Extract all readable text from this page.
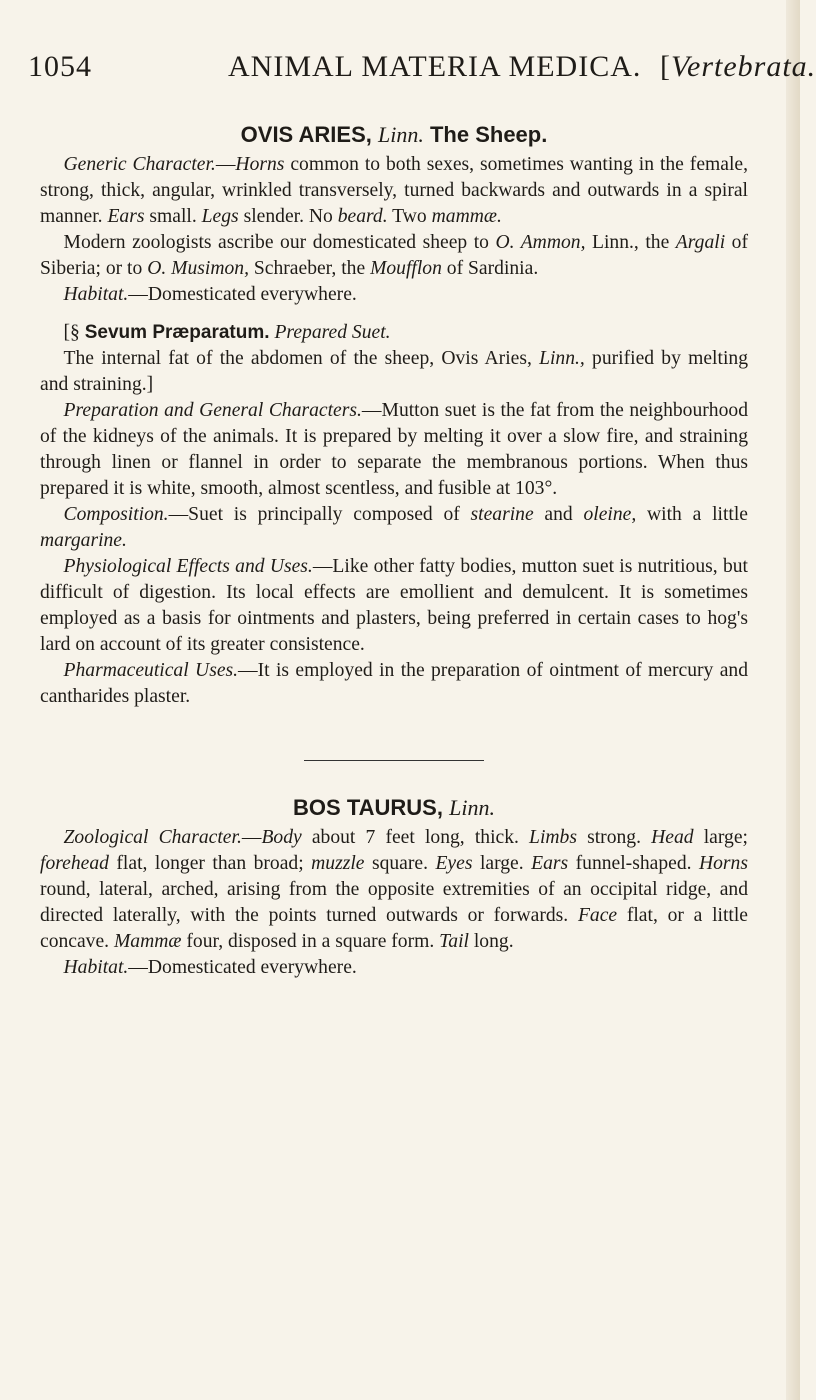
1054	ANIMAL MATERIA MEDICA. [Vertebrata.

OVIS ARIES, Linn. The Sheep.

Generic Character.—Horns common to both sexes, sometimes wanting in the female, strong, thick, angular, wrinkled transversely, turned backwards and outwards in a spiral manner. Ears small. Legs slender. No beard. Two mammæ.

Modern zoologists ascribe our domesticated sheep to O. Ammon, Linn., the Argali of Siberia; or to O. Musimon, Schraeber, the Moufflon of Sardinia.

Habitat.—Domesticated everywhere.

[§ Sevum Præparatum. Prepared Suet.

The internal fat of the abdomen of the sheep, Ovis Aries, Linn., purified by melting and straining.]

Preparation and General Characters.—Mutton suet is the fat from the neighbourhood of the kidneys of the animals. It is prepared by melting it over a slow fire, and straining through linen or flannel in order to separate the membranous portions. When thus prepared it is white, smooth, almost scentless, and fusible at 103°.

Composition.—Suet is principally composed of stearine and oleine, with a little margarine.

Physiological Effects and Uses.—Like other fatty bodies, mutton suet is nutritious, but difficult of digestion. Its local effects are emollient and demulcent. It is sometimes employed as a basis for ointments and plasters, being preferred in certain cases to hog's lard on account of its greater consistence.

Pharmaceutical Uses.—It is employed in the preparation of ointment of mercury and cantharides plaster.

BOS TAURUS, Linn.

Zoological Character.—Body about 7 feet long, thick. Limbs strong. Head large; forehead flat, longer than broad; muzzle square. Eyes large. Ears funnel-shaped. Horns round, lateral, arched, arising from the opposite extremities of an occipital ridge, and directed laterally, with the points turned outwards or forwards. Face flat, or a little concave. Mammæ four, disposed in a square form. Tail long.

Habitat.—Domesticated everywhere.
